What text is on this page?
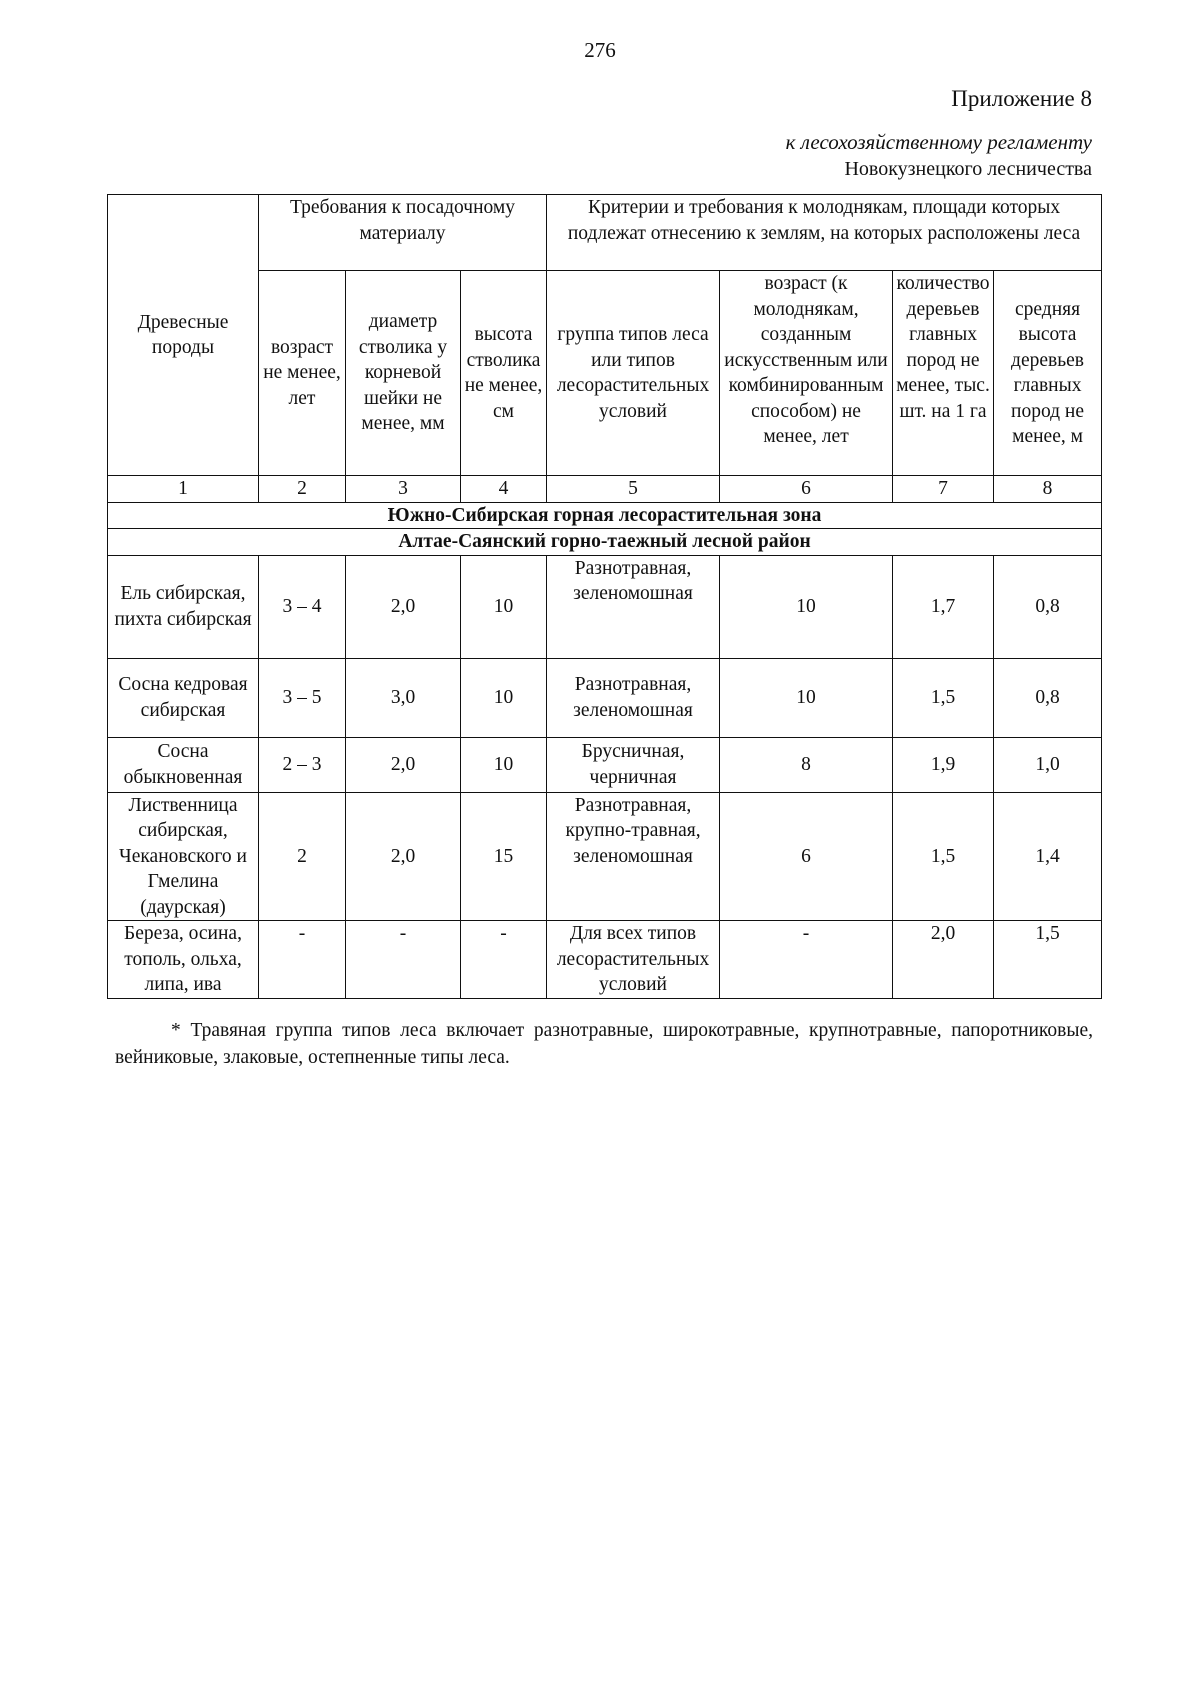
276
Приложение 8
к лесохозяйственному регламенту
Новокузнецкого лесничества
Древесные породы	Требования к посадочному материалу			Критерии и требования к молоднякам, площади которых подлежат отнесению к землям, на которых расположены леса			
	возраст не менее, лет	диаметр стволика у корневой шейки не менее, мм	высота стволика не менее, см	группа типов леса или типов лесорастительных условий	возраст (к молоднякам, созданным искусственным или комбинированным способом) не менее, лет	количество деревьев главных пород не менее, тыс. шт. на 1 га	средняя высота деревьев главных пород не менее, м
1	2	3	4	5	6	7	8
Южно-Сибирская горная лесорастительная зона							
Алтае-Саянский горно-таежный лесной район							
Ель сибирская, пихта сибирская	3 – 4	2,0	10	Разнотравная, зеленомошная	10	1,7	0,8
Сосна кедровая сибирская	3 – 5	3,0	10	Разнотравная, зеленомошная	10	1,5	0,8
Сосна обыкновенная	2 – 3	2,0	10	Брусничная, черничная	8	1,9	1,0
Лиственница сибирская, Чекановского и Гмелина (даурская)	2	2,0	15	Разнотравная, крупно-травная, зеленомошная	6	1,5	1,4
Береза, осина, тополь, ольха, липа, ива	-	-	-	Для всех типов лесорастительных условий	-	2,0	1,5
* Травяная группа типов леса включает разнотравные, широкотравные, крупнотравные, папоротниковые, вейниковые, злаковые, остепненные типы леса.
